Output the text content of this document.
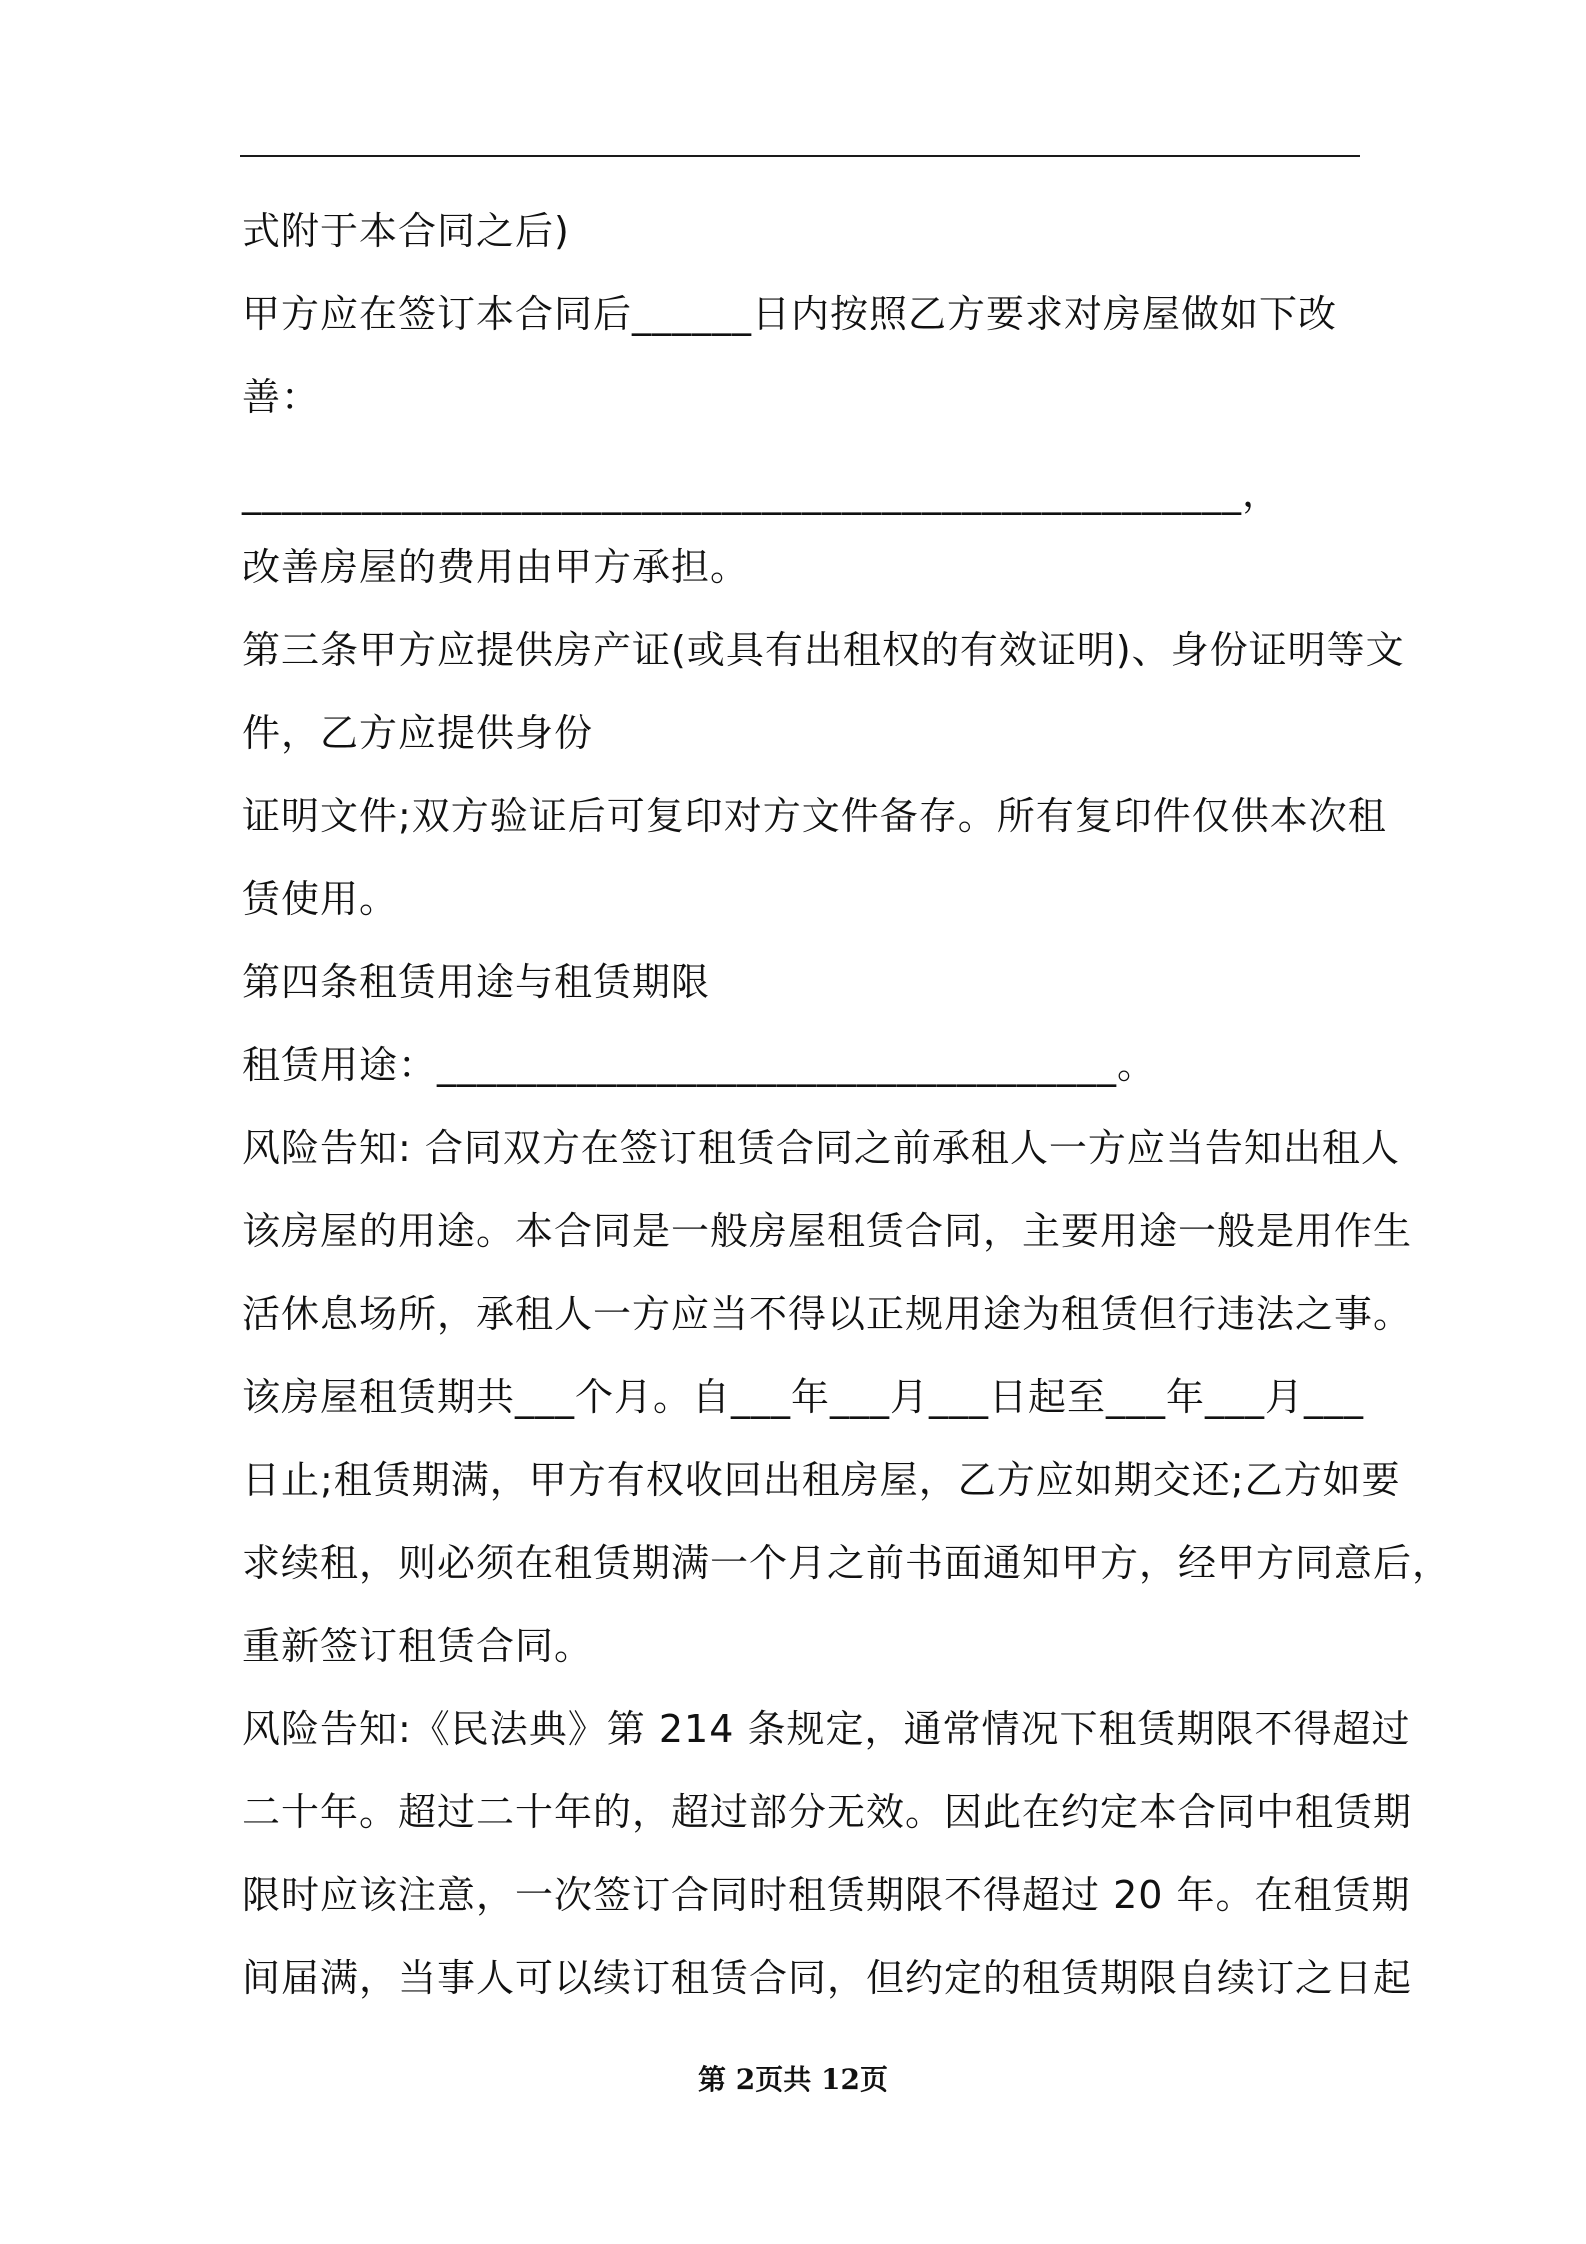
式附于本合同之后)
甲方应在签订本合同后______日内按照乙方要求对房屋做如下改
善：
__________________________________________________，
改善房屋的费用由甲方承担。
第三条甲方应提供房产证(或具有出租权的有效证明)、身份证明等文
件，乙方应提供身份
证明文件;双方验证后可复印对方文件备存。所有复印件仅供本次租
赁使用。
第四条租赁用途与租赁期限
租赁用途：__________________________________。
风险告知: 合同双方在签订租赁合同之前承租人一方应当告知出租人
该房屋的用途。本合同是一般房屋租赁合同，主要用途一般是用作生
活休息场所，承租人一方应当不得以正规用途为租赁但行违法之事。
该房屋租赁期共___个月。自___年___月___日起至___年___月___
日止;租赁期满，甲方有权收回出租房屋，乙方应如期交还;乙方如要
求续租，则必须在租赁期满一个月之前书面通知甲方，经甲方同意后，
重新签订租赁合同。
风险告知:《民法典》第 214 条规定，通常情况下租赁期限不得超过
二十年。超过二十年的，超过部分无效。因此在约定本合同中租赁期
限时应该注意，一次签订合同时租赁期限不得超过 20 年。在租赁期
间届满，当事人可以续订租赁合同，但约定的租赁期限自续订之日起
第 2页共 12页
